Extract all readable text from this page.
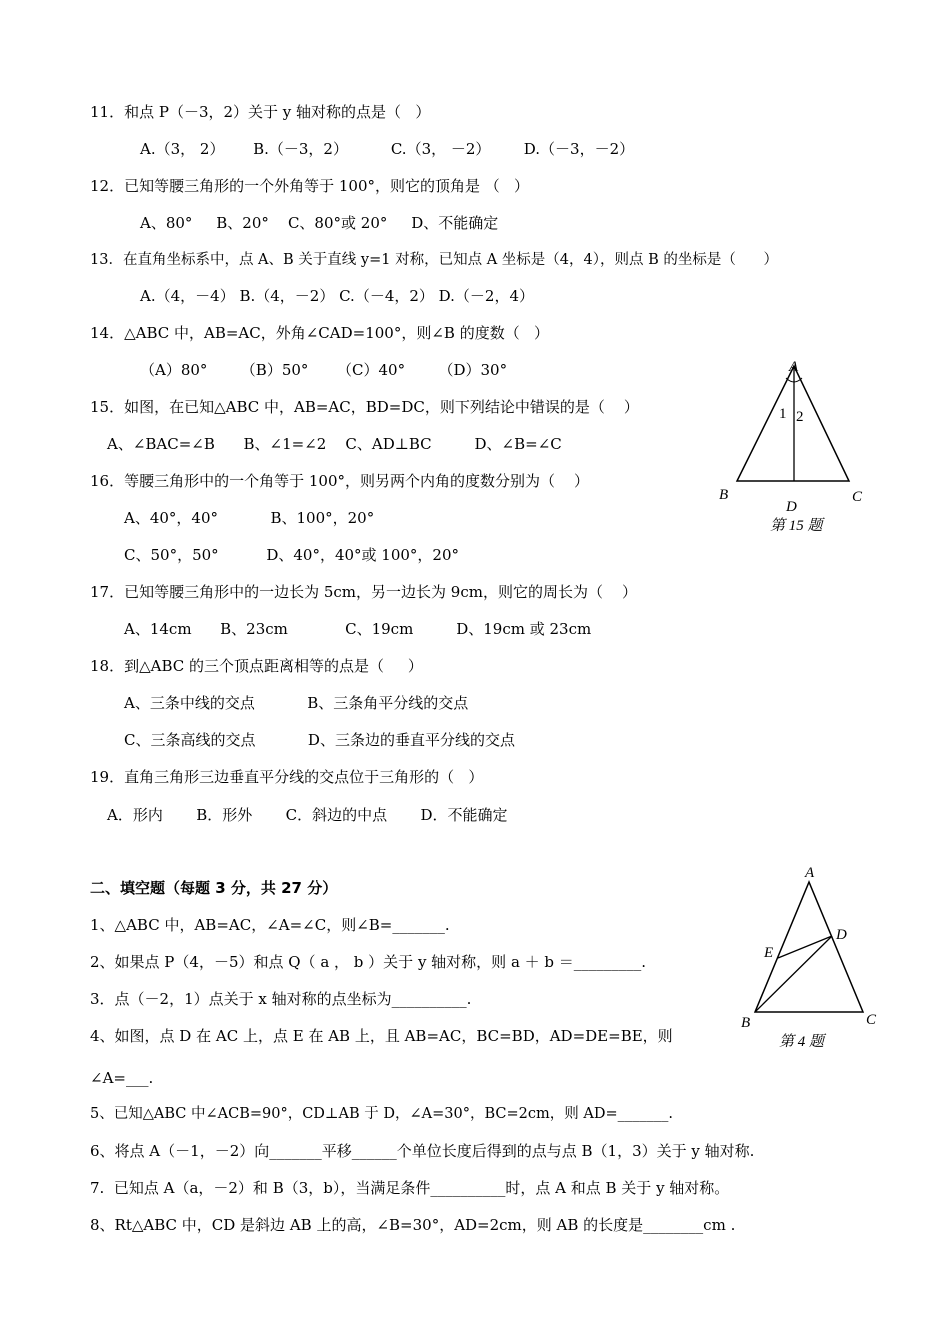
11．和点 P（－3，2）关于 y 轴对称的点是（   ）
A.（3， 2）      B.（－3，2）         C.（3， －2）       D.（－3，－2）
12．已知等腰三角形的一个外角等于 100°，则它的顶角是 （   ）
A、80°     B、20°    C、80°或 20°     D、不能确定
13．在直角坐标系中，点 A、B 关于直线 y=1 对称，已知点 A 坐标是（4，4），则点 B 的坐标是（      ）
A.（4，－4） B.（4，－2） C.（－4，2） D.（－2，4）
14．△ABC 中，AB=AC，外角∠CAD=100°，则∠B 的度数（   ）
（A）80°       （B）50°      （C）40°       （D）30°
15．如图，在已知△ABC 中，AB=AC，BD=DC，则下列结论中错误的是（    ）
A、∠BAC=∠B      B、∠1=∠2    C、AD⊥BC         D、∠B=∠C
16．等腰三角形中的一个角等于 100°，则另两个内角的度数分别为（    ）
A、40°，40°           B、100°，20°
C、50°，50°          D、40°，40°或 100°，20°
17．已知等腰三角形中的一边长为 5cm，另一边长为 9cm，则它的周长为（    ）
A、14cm      B、23cm            C、19cm         D、19cm 或 23cm
18．到△ABC 的三个顶点距离相等的点是（     ）
A、三条中线的交点           B、三条角平分线的交点
C、三条高线的交点           D、三条边的垂直平分线的交点
19．直角三角形三边垂直平分线的交点位于三角形的（   ）
A．形内       B．形外       C．斜边的中点       D．不能确定
二、填空题（每题 3 分，共 27 分）
1、△ABC 中，AB=AC，∠A=∠C，则∠B=_______.
2、如果点 P（4，－5）和点 Q（ a ， b ）关于 y 轴对称，则 a ＋ b ＝_________.
3．点（－2，1）点关于 x 轴对称的点坐标为__________.
4、如图，点 D 在 AC 上，点 E 在 AB 上，且 AB=AC，BC=BD，AD=DE=BE，则
∠A=___.
5、已知△ABC 中∠ACB=90°，CD⊥AB 于 D，∠A=30°，BC=2cm，则 AD=_______.
6、将点 A（－1，－2）向_______平移______个单位长度后得到的点与点 B（1，3）关于 y 轴对称.
7.  已知点 A（a，－2）和 B（3，b），当满足条件__________时，点 A 和点 B 关于 y 轴对称。
8、Rt△ABC 中，CD 是斜边 AB 上的高，∠B=30°，AD=2cm，则 AB 的长度是________cm .
A
B	C
D
1 2
第 15 题
A
B	C
D
E
第 4 题
